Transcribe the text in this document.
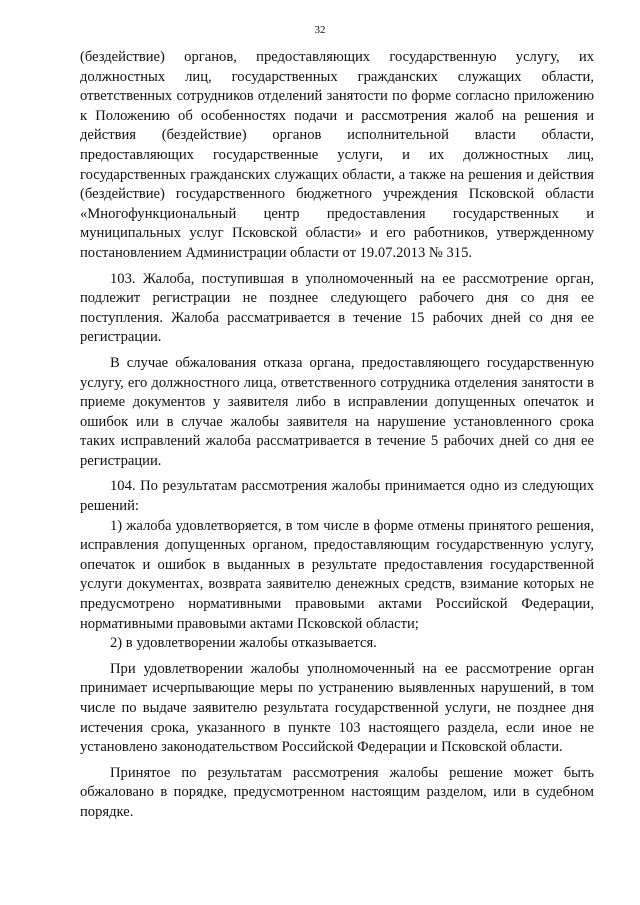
32

(бездействие) органов, предоставляющих государственную услугу, их должностных лиц, государственных гражданских служащих области, ответственных сотрудников отделений занятости по форме согласно приложению к Положению об особенностях подачи и рассмотрения жалоб на решения и действия (бездействие) органов исполнительной власти области, предоставляющих государственные услуги, и их должностных лиц, государственных гражданских служащих области, а также на решения и действия (бездействие) государственного бюджетного учреждения Псковской области «Многофункциональный центр предоставления государственных и муниципальных услуг Псковской области» и его работников, утвержденному постановлением Администрации области от 19.07.2013 № 315.

103. Жалоба, поступившая в уполномоченный на ее рассмотрение орган, подлежит регистрации не позднее следующего рабочего дня со дня ее поступления. Жалоба рассматривается в течение 15 рабочих дней со дня ее регистрации.

В случае обжалования отказа органа, предоставляющего государственную услугу, его должностного лица, ответственного сотрудника отделения занятости в приеме документов у заявителя либо в исправлении допущенных опечаток и ошибок или в случае жалобы заявителя на нарушение установленного срока таких исправлений жалоба рассматривается в течение 5 рабочих дней со дня ее регистрации.

104. По результатам рассмотрения жалобы принимается одно из следующих решений:

1) жалоба удовлетворяется, в том числе в форме отмены принятого решения, исправления допущенных органом, предоставляющим государственную услугу, опечаток и ошибок в выданных в результате предоставления государственной услуги документах, возврата заявителю денежных средств, взимание которых не предусмотрено нормативными правовыми актами Российской Федерации, нормативными правовыми актами Псковской области;

2) в удовлетворении жалобы отказывается.

При удовлетворении жалобы уполномоченный на ее рассмотрение орган принимает исчерпывающие меры по устранению выявленных нарушений, в том числе по выдаче заявителю результата государственной услуги, не позднее дня истечения срока, указанного в пункте 103 настоящего раздела, если иное не установлено законодательством Российской Федерации и Псковской области.

Принятое по результатам рассмотрения жалобы решение может быть обжаловано в порядке, предусмотренном настоящим разделом, или в судебном порядке.
